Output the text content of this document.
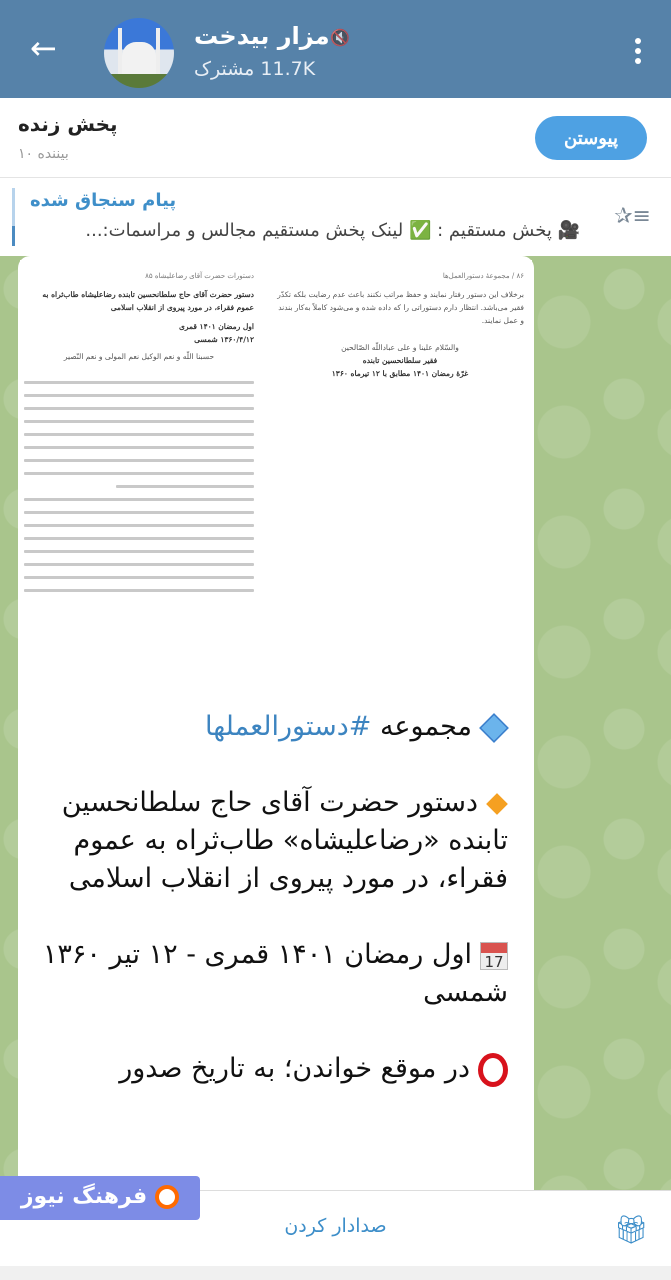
←	مزار بیدخت 🔇
11.7K مشترک
پخش زنده
۱۰ بیننده
پیوستن
پیام سنجاق شده
🎥 پخش مستقیم : ✅ لینک پخش مستقیم مجالس و مراسمات:...
✰≡
۸۶ / مجموعهٔ دستورالعمل‌ها
برخلاف این دستور رفتار نمایند و حفظ مراتب نکنند باعث عدم رضایت بلکه تکدّر فقیر می‌باشد. انتظار دارم دستوراتی را که داده شده و می‌شود کاملاً به‌کار بندند و عمل نمایند.
والسّلام علینا و علی عباداللّه الصّالحین
فقیر سلطانحسین تابنده
غرّهٔ رمضان ۱۴۰۱ مطابق با ۱۲ تیرماه ۱۳۶۰
دستورات حضرت آقای رضاعلیشاه ۸۵
دستور حضرت آقای حاج سلطانحسین تابنده رضاعلیشاه طاب‌ثراه به عموم فقراء، در مورد پیروی از انقلاب اسلامی
اول رمضان ۱۴۰۱ قمری
۱۳۶۰/۴/۱۲ شمسی
حسبنا اللّه و نعم الوکیل نعم المولی و نعم النّصیر

مجموعه #دستورالعملها

دستور حضرت آقای حاج سلطانحسین تابنده «رضاعلیشاه» طاب‌ثراه به عموم فقراء، در مورد پیروی از انقلاب اسلامی

17اول رمضان ۱۴۰۱ قمری - ۱۲ تیر ۱۳۶۰ شمسی

در موقع خواندن؛ به تاریخ صدور

صدادار کردن	🎁︎
فرهنگ نیوز
